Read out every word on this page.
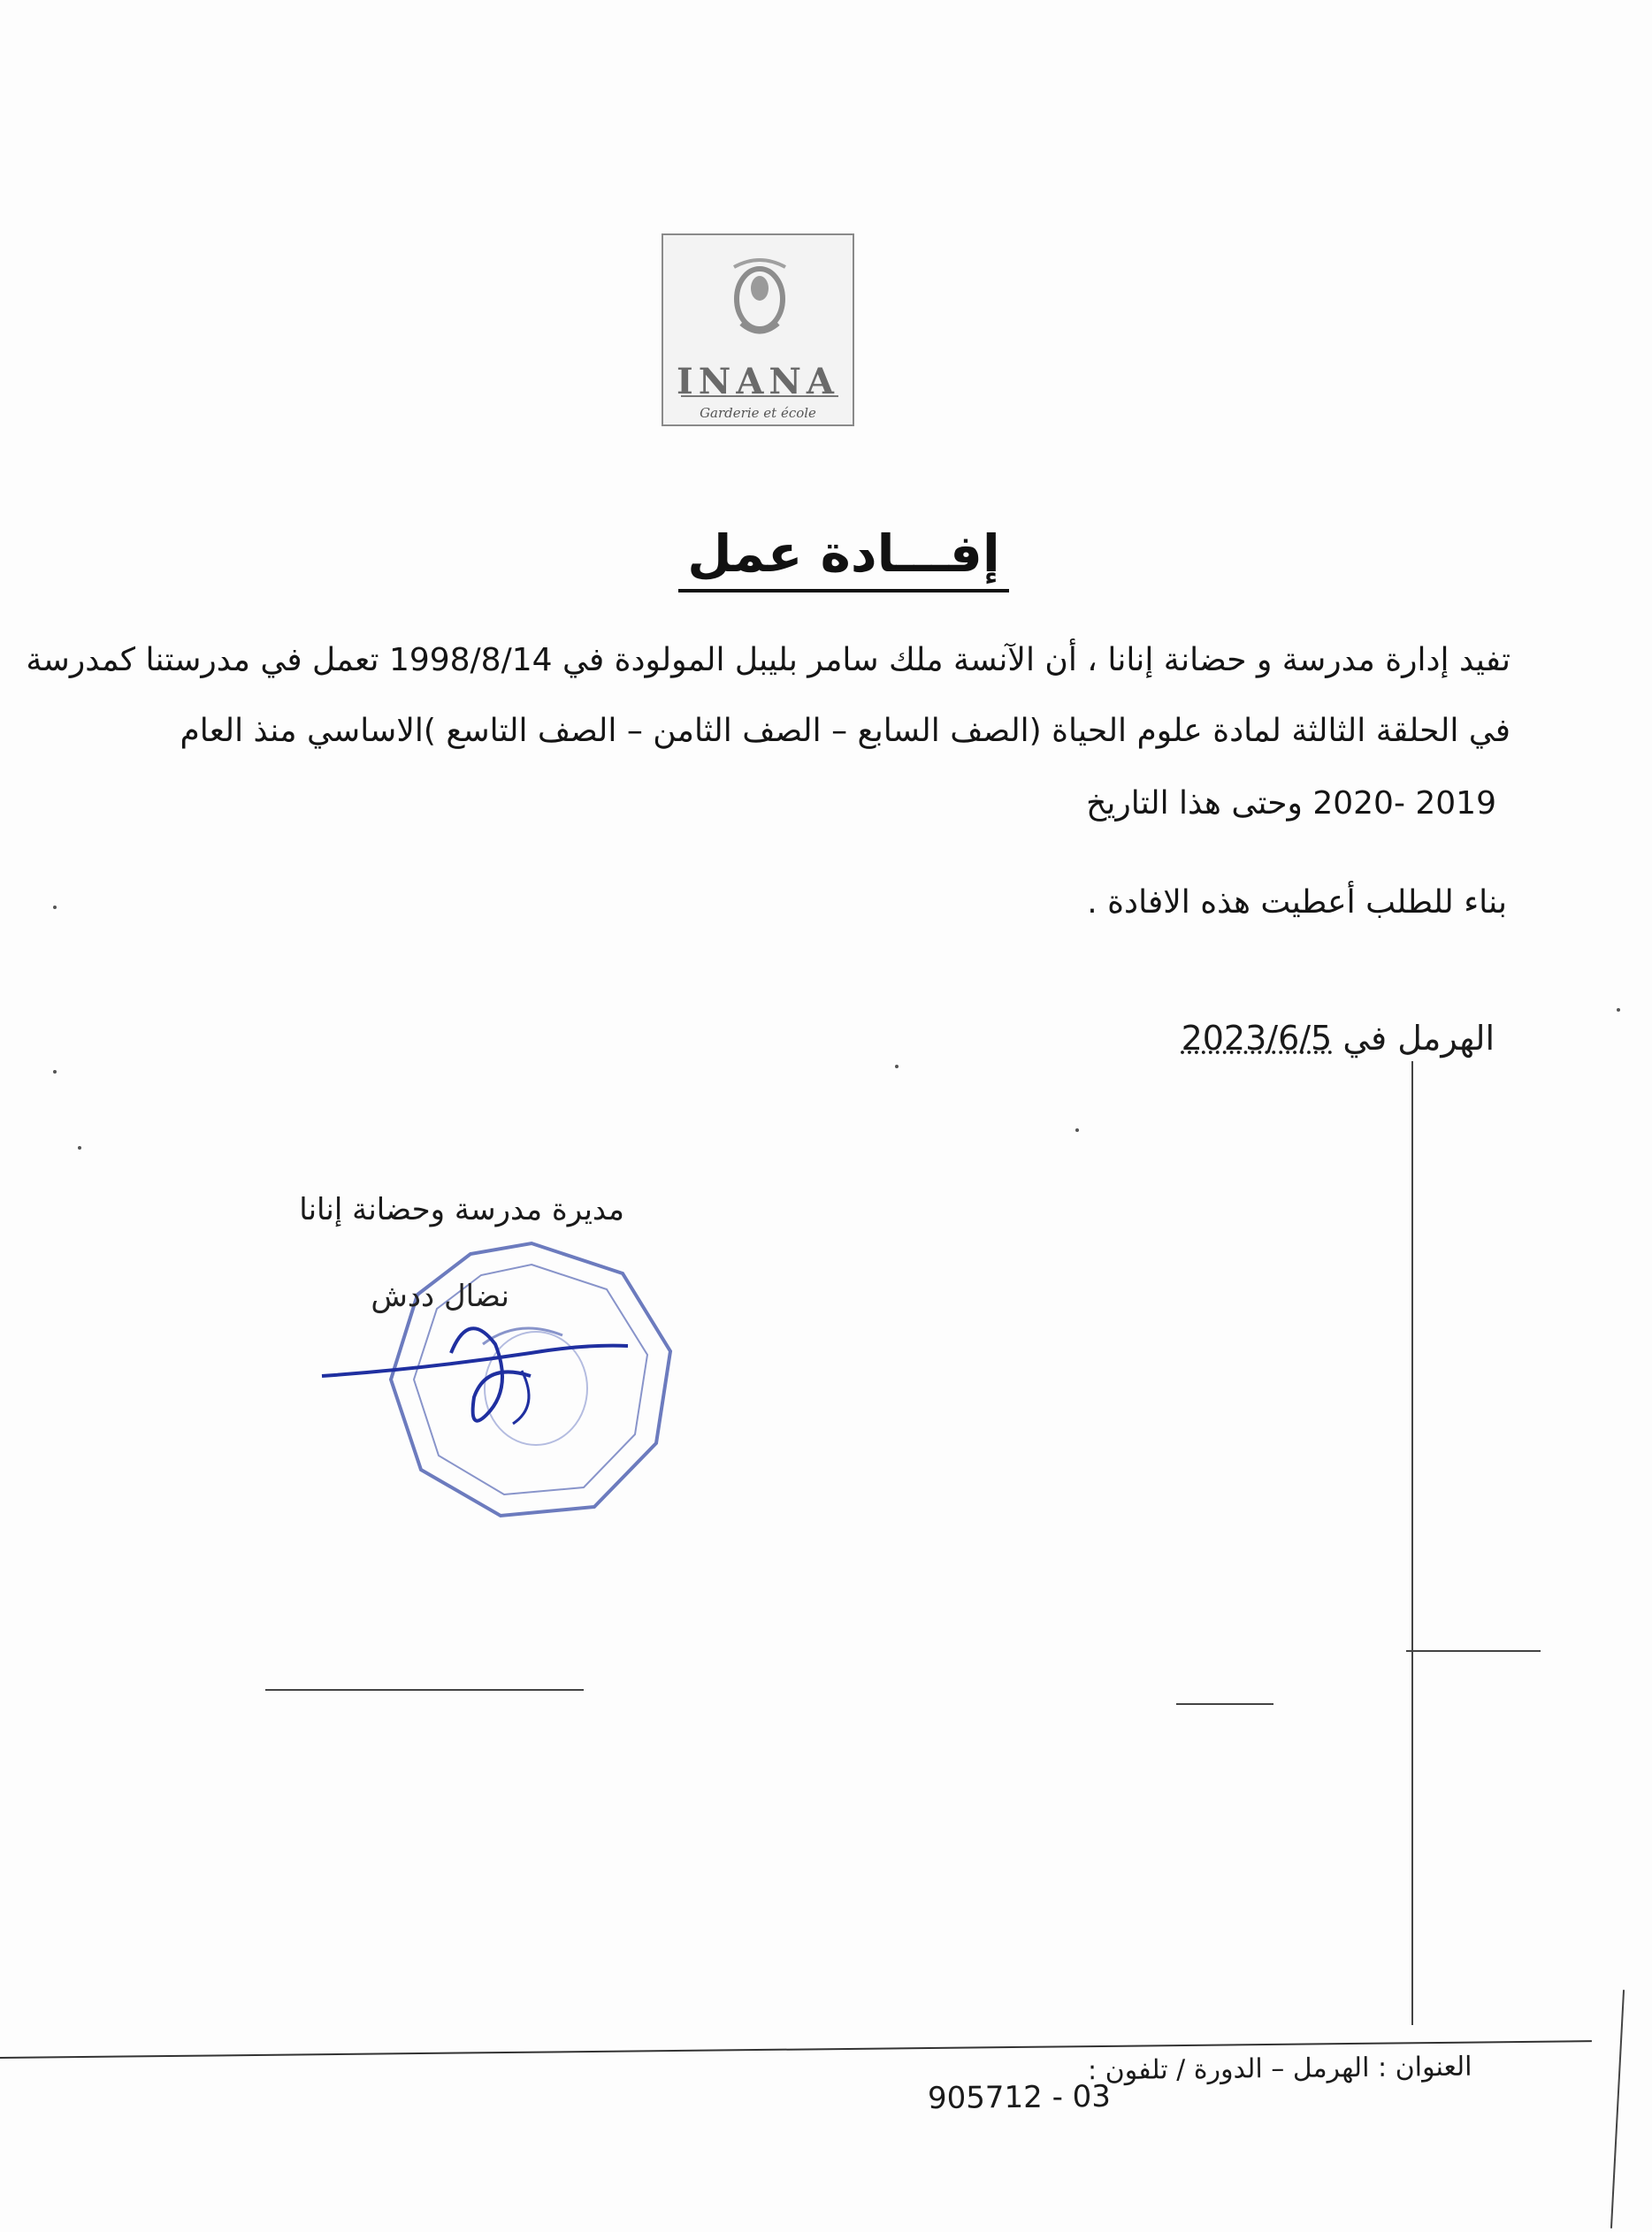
INANA
Garderie et école
إفـــادة عمل
تفيد إدارة مدرسة و حضانة إنانا ، أن الآنسة ملك سامر بليبل المولودة في 1998/8/14 تعمل في مدرستنا كمدرسة
في الحلقة الثالثة لمادة علوم الحياة (الصف السابع – الصف الثامن – الصف التاسع )الاساسي منذ العام
2019 -2020 وحتى هذا التاريخ
بناء للطلب أعطيت هذه الافادة .
الهرمل في 2023/6/5
مديرة مدرسة وحضانة إنانا
نضال ددش
العنوان : الهرمل – الدورة / تلفون :
03 - 905712
